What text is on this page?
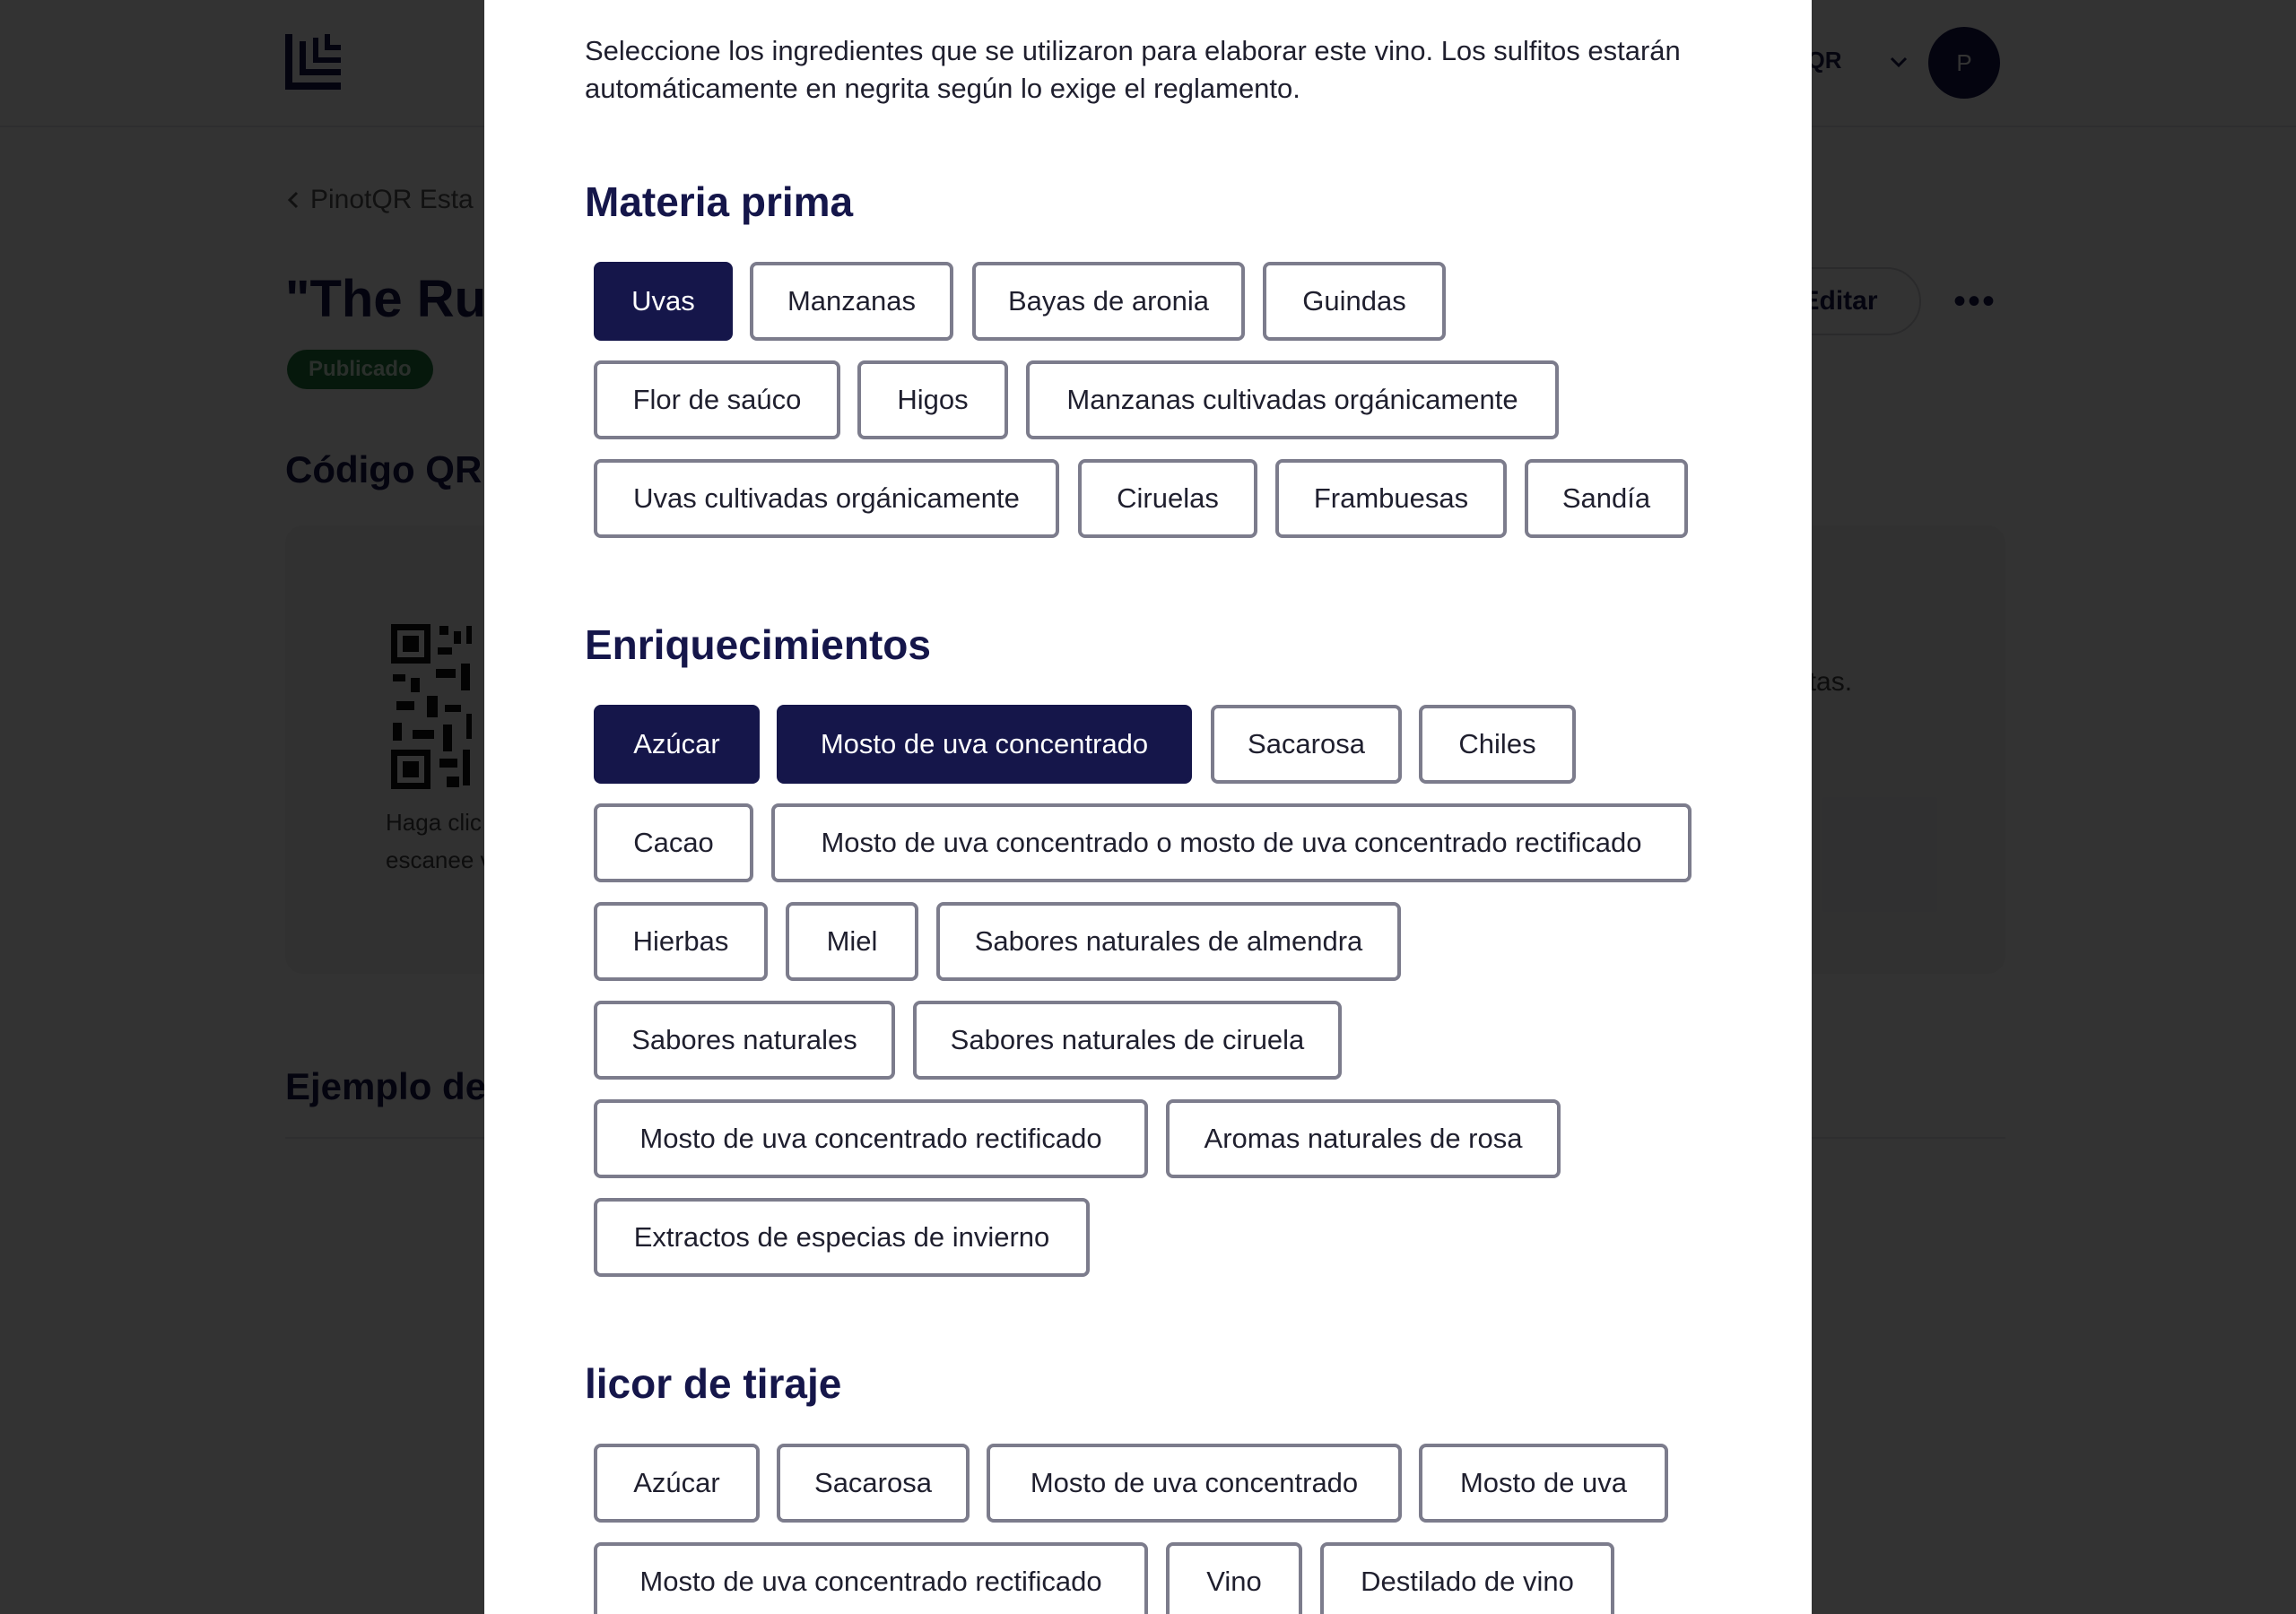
Seleccione los ingredientes que se utilizaron para elaborar este vino. Los sulfitos estarán automáticamente en negrita según lo exige el reglamento.
Materia prima
Uvas	Manzanas	Bayas de aronia	Guindas
Flor de saúco	Higos	Manzanas cultivadas orgánicamente
Uvas cultivadas orgánicamente	Ciruelas	Frambuesas	Sandía
Enriquecimientos
Azúcar	Mosto de uva concentrado	Sacarosa	Chiles
Cacao	Mosto de uva concentrado o mosto de uva concentrado rectificado
Hierbas	Miel	Sabores naturales de almendra
Sabores naturales	Sabores naturales de ciruela
Mosto de uva concentrado rectificado	Aromas naturales de rosa
Extractos de especias de invierno
licor de tiraje
Azúcar	Sacarosa	Mosto de uva concentrado	Mosto de uva
Mosto de uva concentrado rectificado	Vino	Destilado de vino
